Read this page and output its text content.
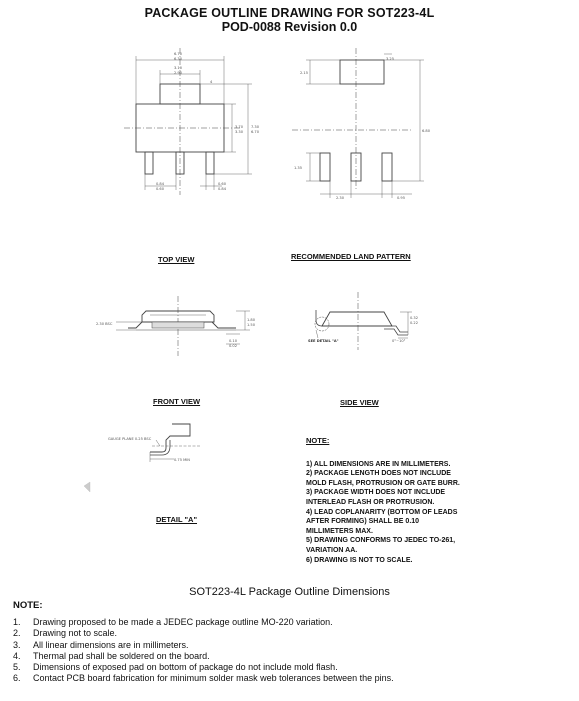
PACKAGE OUTLINE DRAWING FOR SOT223-4L
POD-0088 Revision 0.0
6.70
6.30
3.10
2.90
4
3.70
3.30
7.30
6.70
0.84
0.60
0.60
0.84
3.25
2.15
6.80
1.35
2.30	0.95
2.30 BSC
1.80
1.50
0.10
0.02
0.32
0.22
0°~10°
SEE DETAIL "A"
GAUGE PLANE 0.25 BSC
0.75 MIN
TOP VIEW	RECOMMENDED LAND PATTERN
FRONT VIEW	SIDE VIEW
DETAIL "A"
NOTE:
1) ALL DIMENSIONS ARE IN MILLIMETERS.
2) PACKAGE LENGTH DOES NOT INCLUDE
MOLD FLASH, PROTRUSION OR GATE BURR.
3) PACKAGE WIDTH DOES NOT INCLUDE
INTERLEAD FLASH OR PROTRUSION.
4) LEAD COPLANARITY (BOTTOM OF LEADS
AFTER FORMING) SHALL BE 0.10
MILLIMETERS MAX.
5) DRAWING CONFORMS TO JEDEC TO-261,
VARIATION AA.
6) DRAWING IS NOT TO SCALE.
SOT223-4L Package Outline Dimensions
NOTE:
1. Drawing proposed to be made a JEDEC package outline MO-220 variation.
2. Drawing not to scale.
3. All linear dimensions are in millimeters.
4. Thermal pad shall be soldered on the board.
5. Dimensions of exposed pad on bottom of package do not include mold flash.
6. Contact PCB board fabrication for minimum solder mask web tolerances between the pins.
